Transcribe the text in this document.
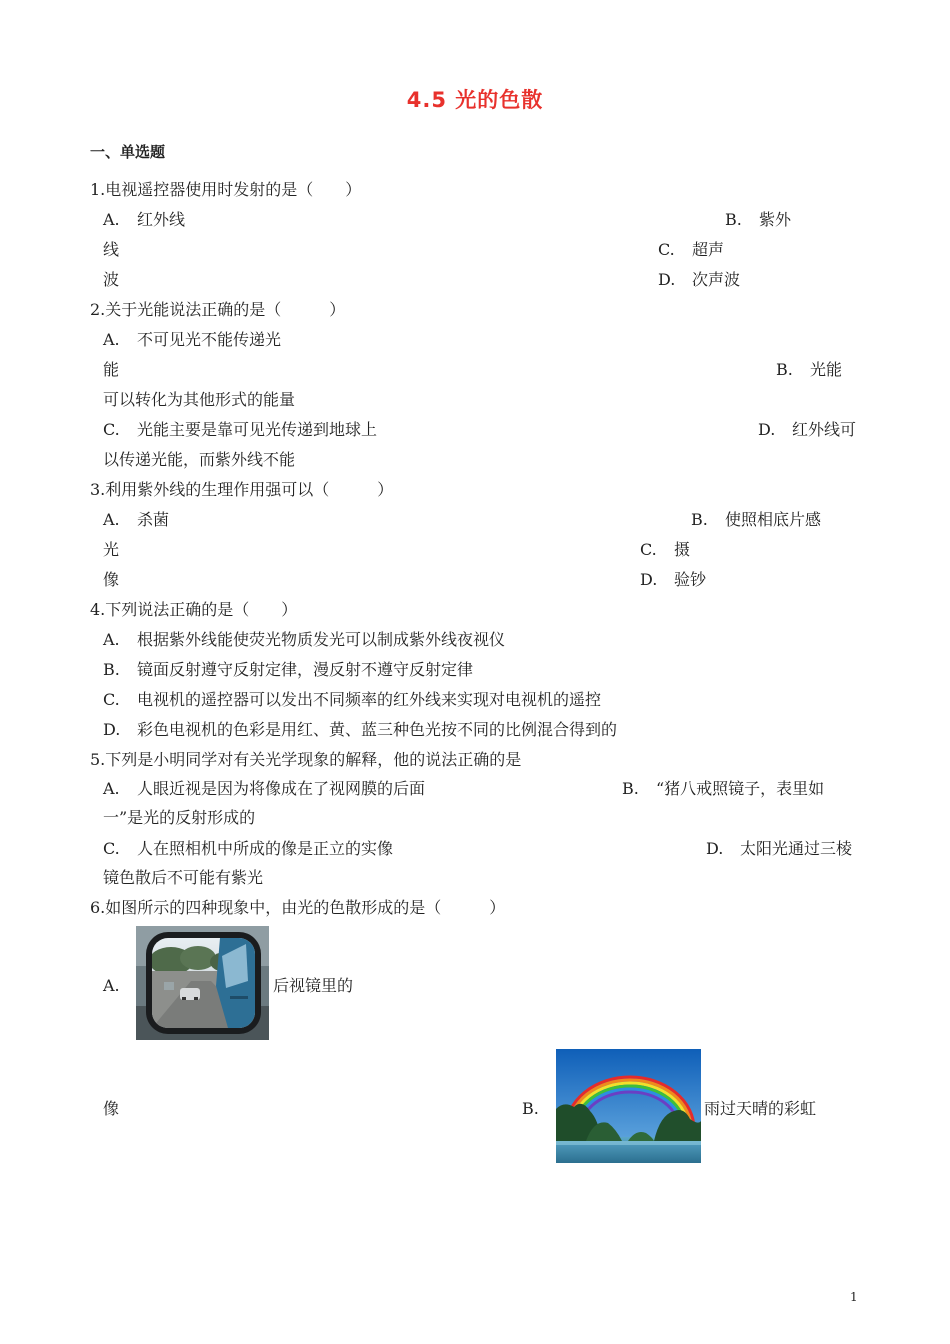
4.5 光的色散
一、单选题
1.电视遥控器使用时发射的是（　　）
A. 红外线	B. 紫外
线	C. 超声
波	D. 次声波
2.关于光能说法正确的是（　　　）
A. 不可见光不能传递光
能	B. 光能
可以转化为其他形式的能量
C. 光能主要是靠可见光传递到地球上	D. 红外线可
以传递光能，而紫外线不能
3.利用紫外线的生理作用强可以（　　　）
A. 杀菌	B. 使照相底片感
光	C. 摄
像	D. 验钞
4.下列说法正确的是（　　）
A. 根据紫外线能使荧光物质发光可以制成紫外线夜视仪
B. 镜面反射遵守反射定律，漫反射不遵守反射定律
C. 电视机的遥控器可以发出不同频率的红外线来实现对电视机的遥控
D. 彩色电视机的色彩是用红、黄、蓝三种色光按不同的比例混合得到的
5.下列是小明同学对有关光学现象的解释，他的说法正确的是
A. 人眼近视是因为将像成在了视网膜的后面	B. “猪八戒照镜子，表里如
一”是光的反射形成的
C. 人在照相机中所成的像是正立的实像	D. 太阳光通过三棱
镜色散后不可能有紫光
6.如图所示的四种现象中，由光的色散形成的是（　　　）
A.	后视镜里的
像	B.	雨过天晴的彩虹
1
